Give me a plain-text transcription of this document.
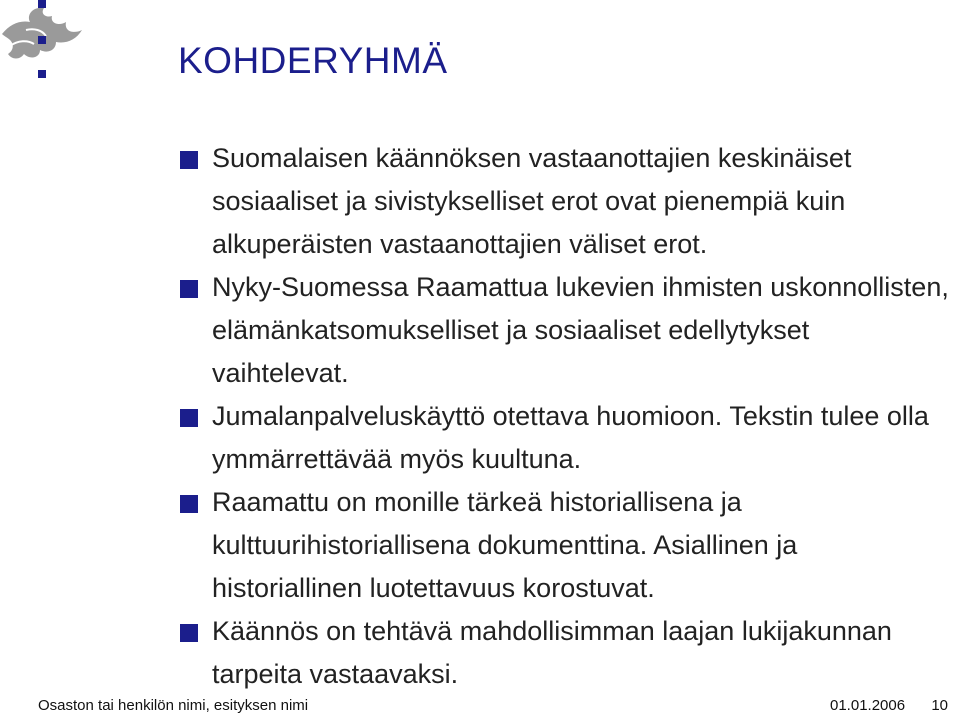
KOHDERYHMÄ
Suomalaisen käännöksen vastaanottajien keskinäiset sosiaaliset ja sivistykselliset erot ovat pienempiä kuin alkuperäisten vastaanottajien väliset erot.
Nyky-Suomessa Raamattua lukevien ihmisten uskonnollisten, elämänkatsomukselliset ja sosiaaliset edellytykset vaihtelevat.
Jumalanpalveluskäyttö otettava huomioon. Tekstin tulee olla ymmärrettävää myös kuultuna.
Raamattu on monille tärkeä historiallisena ja kulttuurihistoriallisena dokumenttina. Asiallinen ja historiallinen luotettavuus korostuvat.
Käännös on tehtävä mahdollisimman laajan lukijakunnan tarpeita vastaavaksi.
Osaston tai henkilön nimi, esityksen nimi	01.01.2006 10
